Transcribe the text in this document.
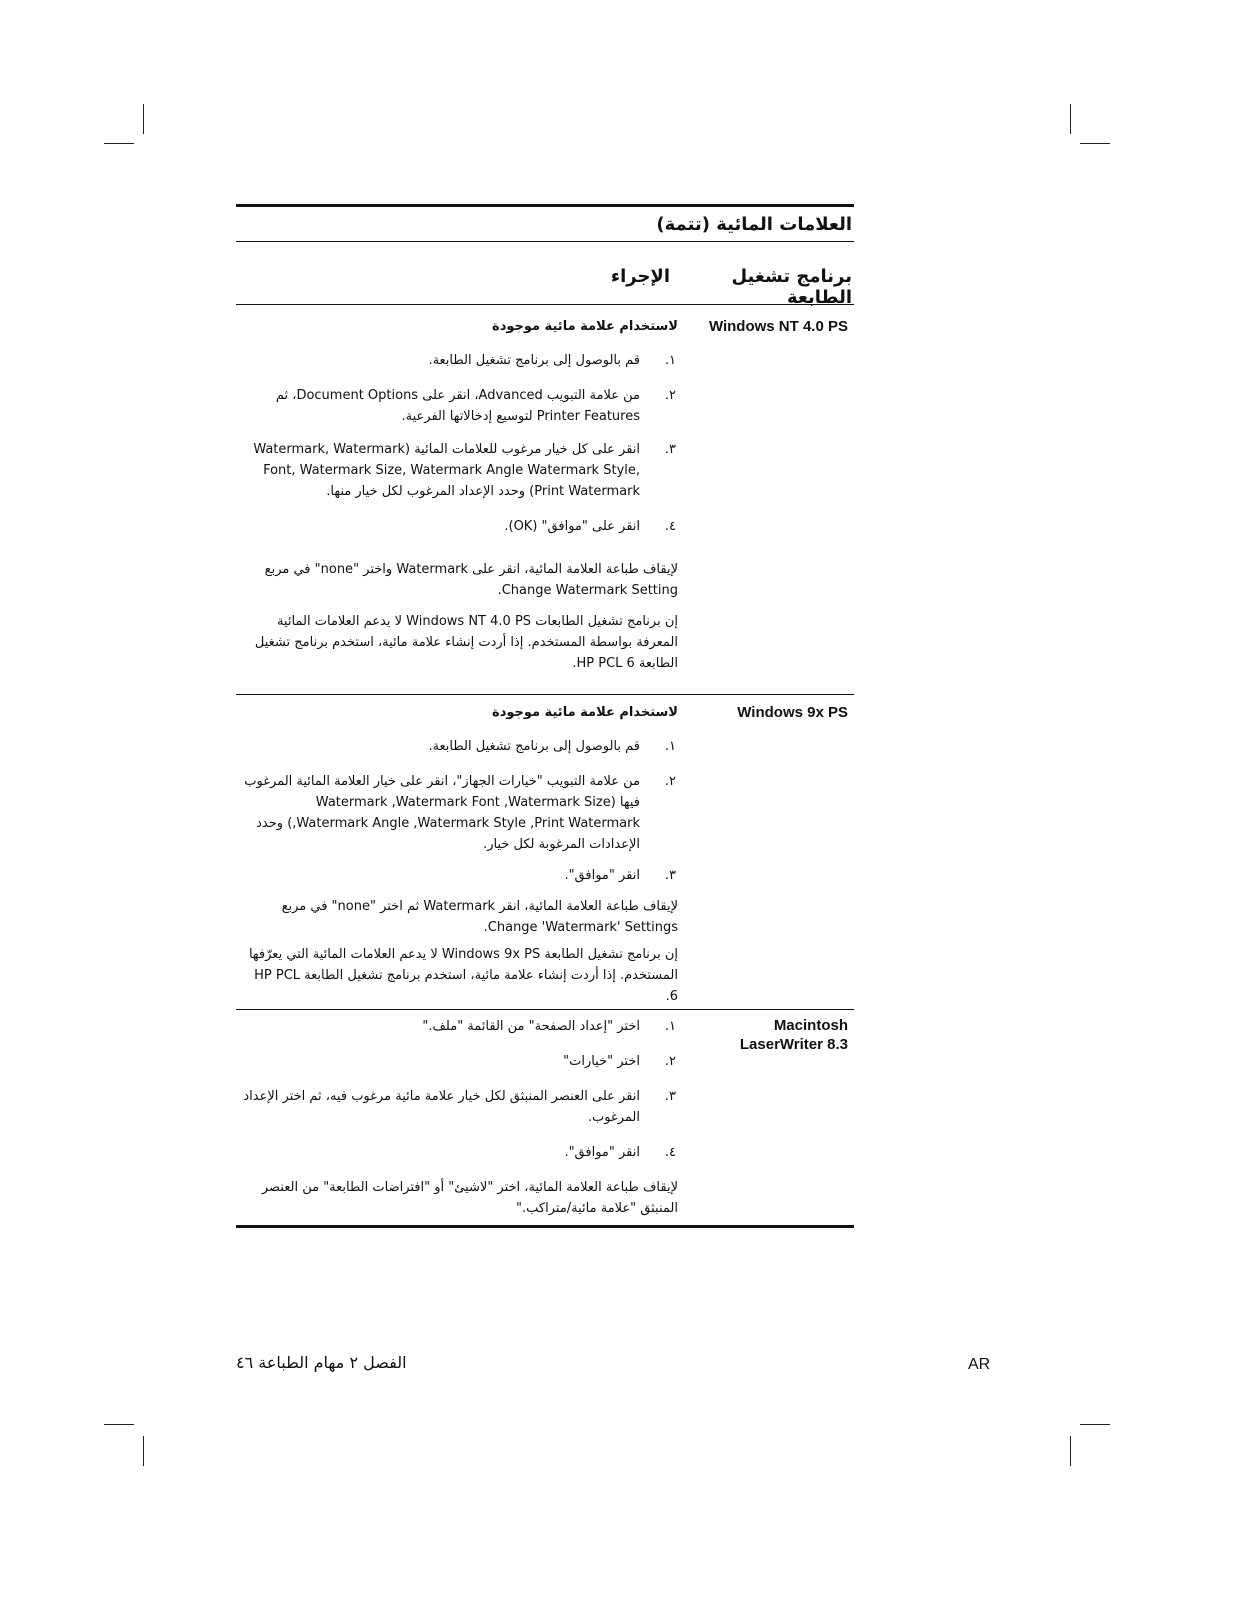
العلامات المائية (تتمة)
برنامج تشغيل الطابعة
الإجراء
Windows NT 4.0 PS
لاستخدام علامة مائية موجودة
١.
قم بالوصول إلى برنامج تشغيل الطابعة.
٢.
من علامة التبويب Advanced، انقر على Document Options، ثم Printer Features لتوسيع إدخالاتها الفرعية.
٣.
انقر على كل خيار مرغوب للعلامات المائية (Watermark, Watermark Font, Watermark Size, Watermark Angle Watermark Style, Print Watermark) وحدد الإعداد المرغوب لكل خيار منها.
٤.
انقر على "موافق" (OK).
لإيقاف طباعة العلامة المائية، انقر على Watermark واختر "none" في مربع Change Watermark Setting.
إن برنامج تشغيل الطابعات Windows NT 4.0 PS لا يدعم العلامات المائية المعرفة بواسطة المستخدم. إذا أردت إنشاء علامة مائية، استخدم برنامج تشغيل الطابعة HP PCL 6.
Windows 9x PS
لاستخدام علامة مائية موجودة
١.
قم بالوصول إلى برنامج تشغيل الطابعة.
٢.
من علامة التبويب "خيارات الجهاز"، انقر على خيار العلامة المائية المرغوب فيها (Watermark ,Watermark Font ,Watermark Size ,Watermark Angle ,Watermark Style ,Print Watermark) وحدد الإعدادات المرغوبة لكل خيار.
٣.
انقر "موافق".
لإيقاف طباعة العلامة المائية، انقر Watermark ثم اختر "none" في مربع Change 'Watermark' Settings.
إن برنامج تشغيل الطابعة Windows 9x PS لا يدعم العلامات المائية التي يعرّفها المستخدم. إذا أردت إنشاء علامة مائية، استخدم برنامج تشغيل الطابعة HP PCL 6.
Macintosh
LaserWriter 8.3
١.
اختر "إعداد الصفحة" من القائمة "ملف."
٢.
اختر "خيارات"
٣.
انقر على العنصر المنبثق لكل خيار علامة مائية مرغوب فيه، ثم اختر الإعداد المرغوب.
٤.
انقر "موافق".
لإيقاف طباعة العلامة المائية، اختر "لاشيئ" أو "افتراضات الطابعة" من العنصر المنبثق "علامة مائية/متراكب."
الفصل ٢ مهام الطباعة ٤٦	AR
